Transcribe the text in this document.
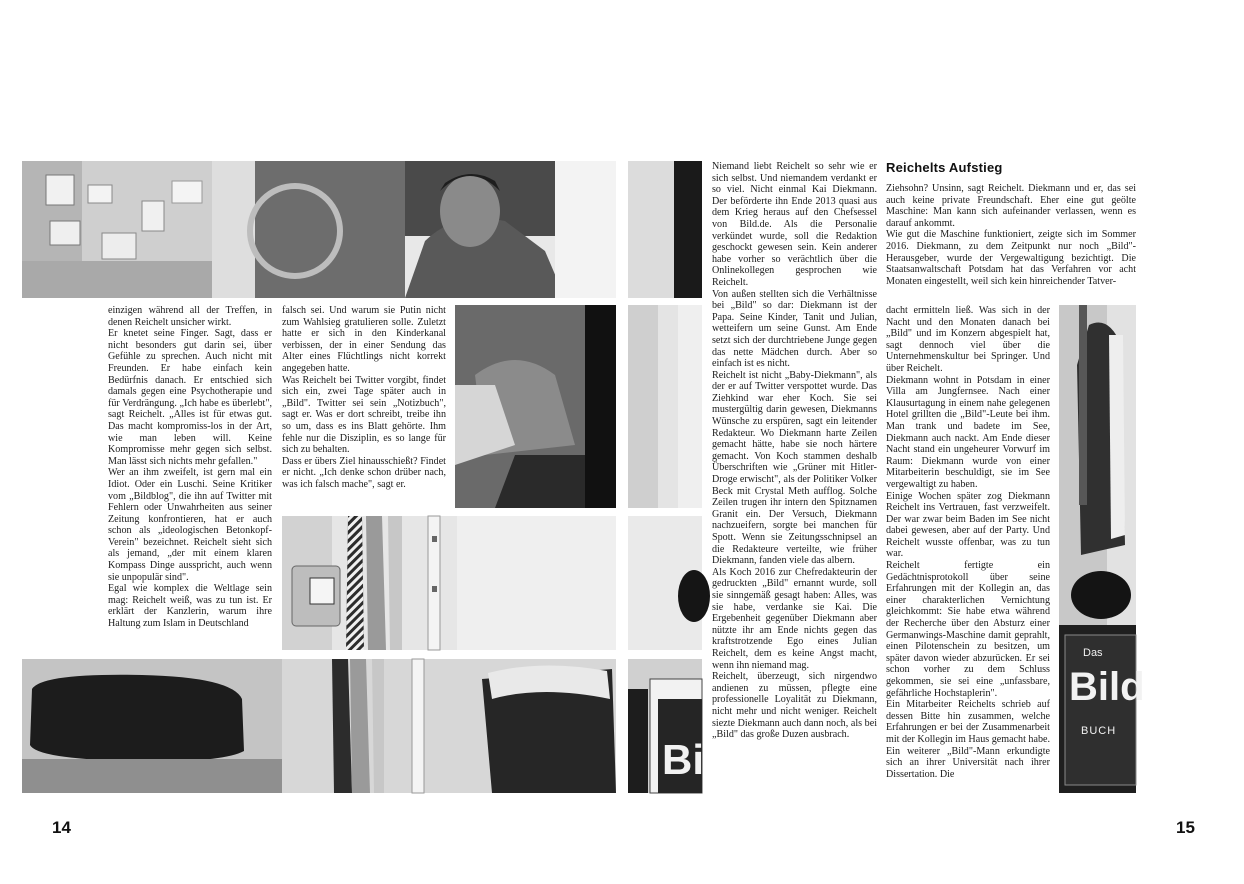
Bi
Das
Bild
BUCH

einzigen während all der Treffen, in denen Reichelt unsicher wirkt.

Er knetet seine Finger. Sagt, dass er nicht besonders gut darin sei, über Gefühle zu sprechen. Auch nicht mit Freunden. Er habe einfach kein Bedürfnis danach. Er entschied sich damals gegen eine Psychotherapie und für Verdrängung. „Ich habe es überlebt", sagt Reichelt. „Alles ist für etwas gut. Das macht kompromiss-los in der Art, wie man leben will. Keine Kompromisse mehr gegen sich selbst. Man lässt sich nichts mehr gefallen."

Wer an ihm zweifelt, ist gern mal ein Idiot. Oder ein Luschi. Seine Kritiker vom „Bildblog", die ihn auf Twitter mit Fehlern oder Unwahrheiten aus seiner Zeitung konfrontieren, hat er auch schon als „ideologischen Betonkopf-Verein" bezeichnet. Reichelt sieht sich als jemand, „der mit einem klaren Kompass Dinge ausspricht, auch wenn sie unpopulär sind".

Egal wie komplex die Weltlage sein mag: Reichelt weiß, was zu tun ist. Er erklärt der Kanzlerin, warum ihre Haltung zum Islam in Deutschland

falsch sei. Und warum sie Putin nicht zum Wahlsieg gratulieren solle. Zuletzt hatte er sich in den Kinderkanal verbissen, der in einer Sendung das Alter eines Flüchtlings nicht korrekt angegeben hatte.

Was Reichelt bei Twitter vorgibt, findet sich ein, zwei Tage später auch in „Bild". Twitter sei sein „Notizbuch", sagt er. Was er dort schreibt, treibe ihn so um, dass es ins Blatt gehörte. Ihm fehle nur die Disziplin, es so lange für sich zu behalten.

Dass er übers Ziel hinausschießt? Findet er nicht. „Ich denke schon drüber nach, was ich falsch mache", sagt er.

Niemand liebt Reichelt so sehr wie er sich selbst. Und niemandem verdankt er so viel. Nicht einmal Kai Diekmann. Der beförderte ihn Ende 2013 quasi aus dem Krieg heraus auf den Chefsessel von Bild.de. Als die Personalie verkündet wurde, soll die Redaktion geschockt gewesen sein. Kein anderer habe vorher so verächtlich über die Onlinekollegen gesprochen wie Reichelt.

Von außen stellten sich die Verhältnisse bei „Bild" so dar: Diekmann ist der Papa. Seine Kinder, Tanit und Julian, wetteifern um seine Gunst. Am Ende setzt sich der durchtriebene Junge gegen das nette Mädchen durch. Aber so einfach ist es nicht.

Reichelt ist nicht „Baby-Diekmann", als der er auf Twitter verspottet wurde. Das Ziehkind war eher Koch. Sie sei mustergültig darin gewesen, Diekmanns Wünsche zu erspüren, sagt ein leitender Redakteur. Wo Diekmann harte Zeilen gemacht hätte, habe sie noch härtere gemacht. Von Koch stammen deshalb Überschriften wie „Grüner mit Hitler-Droge erwischt", als der Politiker Volker Beck mit Crystal Meth aufflog. Solche Zeilen trugen ihr intern den Spitznamen Granit ein. Der Versuch, Diekmann nachzueifern, sorgte bei manchen für Spott. Wenn sie Zeitungsschnipsel an die Redakteure verteilte, wie früher Diekmann, fanden viele das albern.

Als Koch 2016 zur Chefredakteurin der gedruckten „Bild" ernannt wurde, soll sie sinngemäß gesagt haben: Alles, was sie habe, verdanke sie Kai. Die Ergebenheit gegenüber Diekmann aber nützte ihr am Ende nichts gegen das kraftstrotzende Ego eines Julian Reichelt, dem es keine Angst macht, wenn ihn niemand mag.

Reichelt, überzeugt, sich nirgendwo andienen zu müssen, pflegte eine professionelle Loyalität zu Diekmann, nicht mehr und nicht weniger. Reichelt siezte Diekmann auch dann noch, als bei „Bild" das große Duzen ausbrach.

Reichelts Aufstieg

Ziehsohn? Unsinn, sagt Reichelt. Diekmann und er, das sei auch keine private Freundschaft. Eher eine gut geölte Maschine: Man kann sich aufeinander verlassen, wenn es darauf ankommt.

Wie gut die Maschine funktioniert, zeigte sich im Sommer 2016. Diekmann, zu dem Zeitpunkt nur noch „Bild"-Herausgeber, wurde der Vergewaltigung bezichtigt. Die Staatsanwaltschaft Potsdam hat das Verfahren vor acht Monaten eingestellt, weil sich kein hinreichender Tatver-

dacht ermitteln ließ. Was sich in der Nacht und den Monaten danach bei „Bild" und im Konzern abgespielt hat, sagt dennoch viel über die Unternehmenskultur bei Springer. Und über Reichelt.

Diekmann wohnt in Potsdam in einer Villa am Jungfernsee. Nach einer Klausurtagung in einem nahe gelegenen Hotel grillten die „Bild"-Leute bei ihm. Man trank und badete im See, Diekmann auch nackt. Am Ende dieser Nacht stand ein ungeheurer Vorwurf im Raum: Diekmann wurde von einer Mitarbeiterin beschuldigt, sie im See vergewaltigt zu haben.

Einige Wochen später zog Diekmann Reichelt ins Vertrauen, fast verzweifelt. Der war zwar beim Baden im See nicht dabei gewesen, aber auf der Party. Und Reichelt wusste offenbar, was zu tun war.

Reichelt fertigte ein Gedächtnisprotokoll über seine Erfahrungen mit der Kollegin an, das einer charakterlichen Vernichtung gleichkommt: Sie habe etwa während der Recherche über den Absturz einer Germanwings-Maschine damit geprahlt, einen Pilotenschein zu besitzen, um später davon wieder abzurücken. Er sei schon vorher zu dem Schluss gekommen, sie sei eine „unfassbare, gefährliche Hochstaplerin".

Ein Mitarbeiter Reichelts schrieb auf dessen Bitte hin zusammen, welche Erfahrungen er bei der Zusammenarbeit mit der Kollegin im Haus gemacht habe. Ein weiterer „Bild"-Mann erkundigte sich an ihrer Universität nach ihrer Dissertation. Die

14	15
